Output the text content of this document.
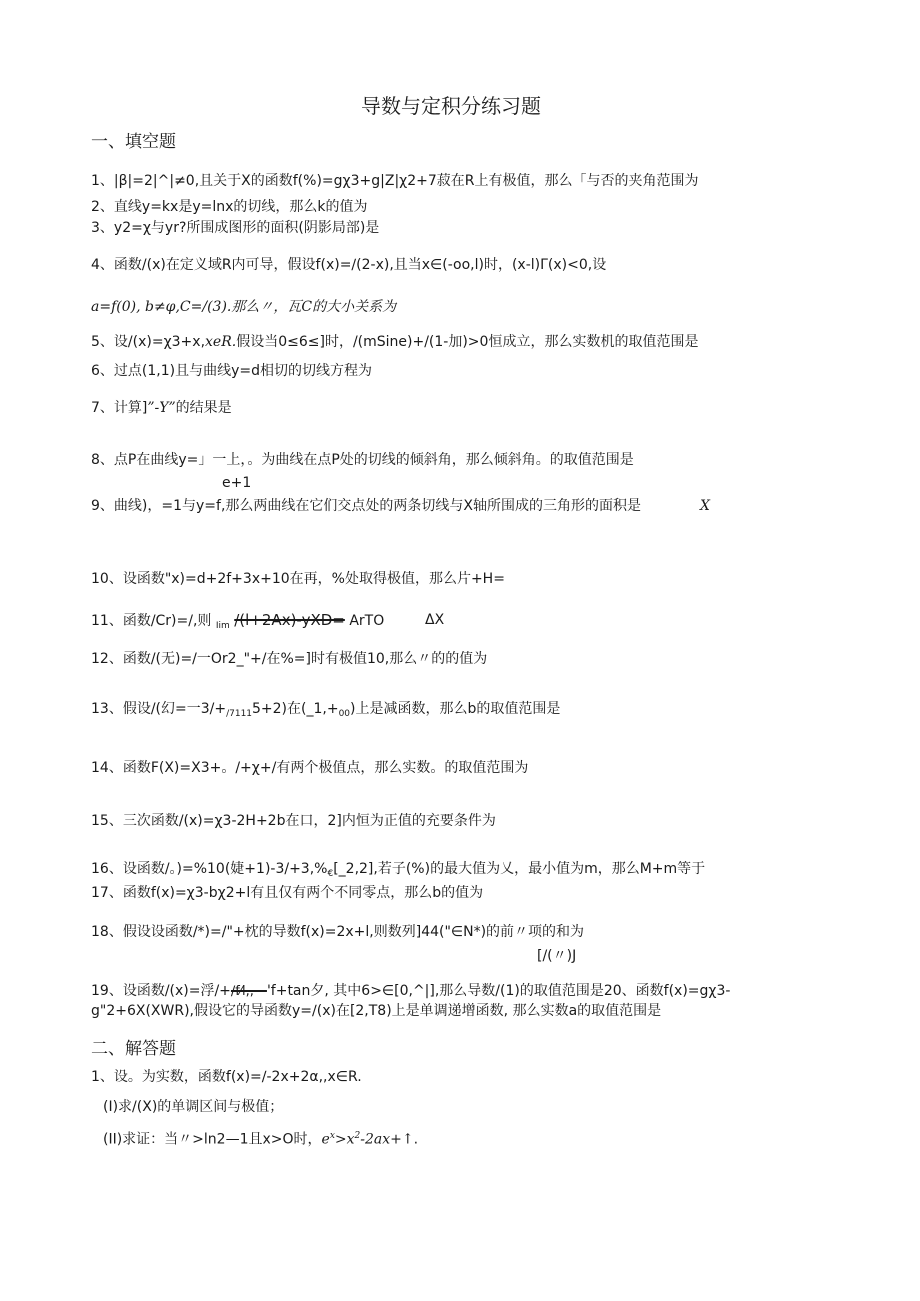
导数与定积分练习题
一、填空题
1、|β|=2|^|≠0,且关于X的函数f(%)=gχ3+g|Z|χ2+7菽在R上有极值，那么「与否的夹角范围为
2、直线y=kx是y=lnx的切线，那么k的值为
3、y2=χ与yr?所围成图形的面积(阴影局部)是
4、函数/(x)在定义域R内可导，假设f(x)=∕(2-x),且当x∈(-oo,l)时，(x-l)Γ(x)<0,设
a=f(0), b≠φ,C=/(3).那么〃，瓦C的大小关系为
5、设/(x)=χ3+x,xeR.假设当0≤6≤]时，/(mSine)+/(1-加)>0恒成立，那么实数机的取值范围是
6、过点(1,1)且与曲线y=d相切的切线方程为
7、计算]”-Y”的结果是
8、点P在曲线y=」一上，。为曲线在点P处的切线的倾斜角，那么倾斜角。的取值范围是
e+1
9、曲线)，=1与y=f,那么两曲线在它们交点处的两条切线与X轴所围成的三角形的面积是	X
10、设函数"x)=d+2f+3x+10在再，%处取得极值，那么片+H=
11、函数/Cr)=/,则 $_{Iim}$ /(l+2Ax)-yXD= ArTO	ΔX
12、函数/(无)=/一Or2_"+/在%=]时有极值10,那么〃的的值为
13、假设/(幻=一$3/+_{/7111}5+2$)在$(\_1,+_{00})$上是减函数，那么b的取值范围是
14、函数F(X)=X3+。/+χ+/有两个极值点，那么实数。的取值范围为
15、三次函数/(x)=χ3-2H+2b在口，2]内恒为正值的充要条件为
16、设函数/。)=%10(婕$+1)-3/+3,\%_€[\_2,2]$,若子(%)的最大值为乂，最小值为m，那么M+m等于
17、函数f(x)=χ3-bχ2+l有且仅有两个不同零点，那么b的值为
18、假设设函数/*)=/"+枕的导数f(x)=2x+l,则数列]44("∈N*)的前〃项的和为
[/(〃)J
19、设函数/(x)=浮/+∕f⁄l,,—'f+tan夕, 其中6>∈[0,^|],那么导数/(1)的取值范围是20、函数f(x)=gχ3-
g"2+6X(XWR),假设它的导函数y=∕(x)在[2,T8)上是单调递增函数, 那么实数a的取值范围是
二、解答题
1、设。为实数，函数f(x)=∕-2x+2α,,x∈R.
(I)求/(X)的单调区间与极值；
(II)求证：当〃>ln2—1且x>O时，$e^x>x^2-2ax+↑$.
